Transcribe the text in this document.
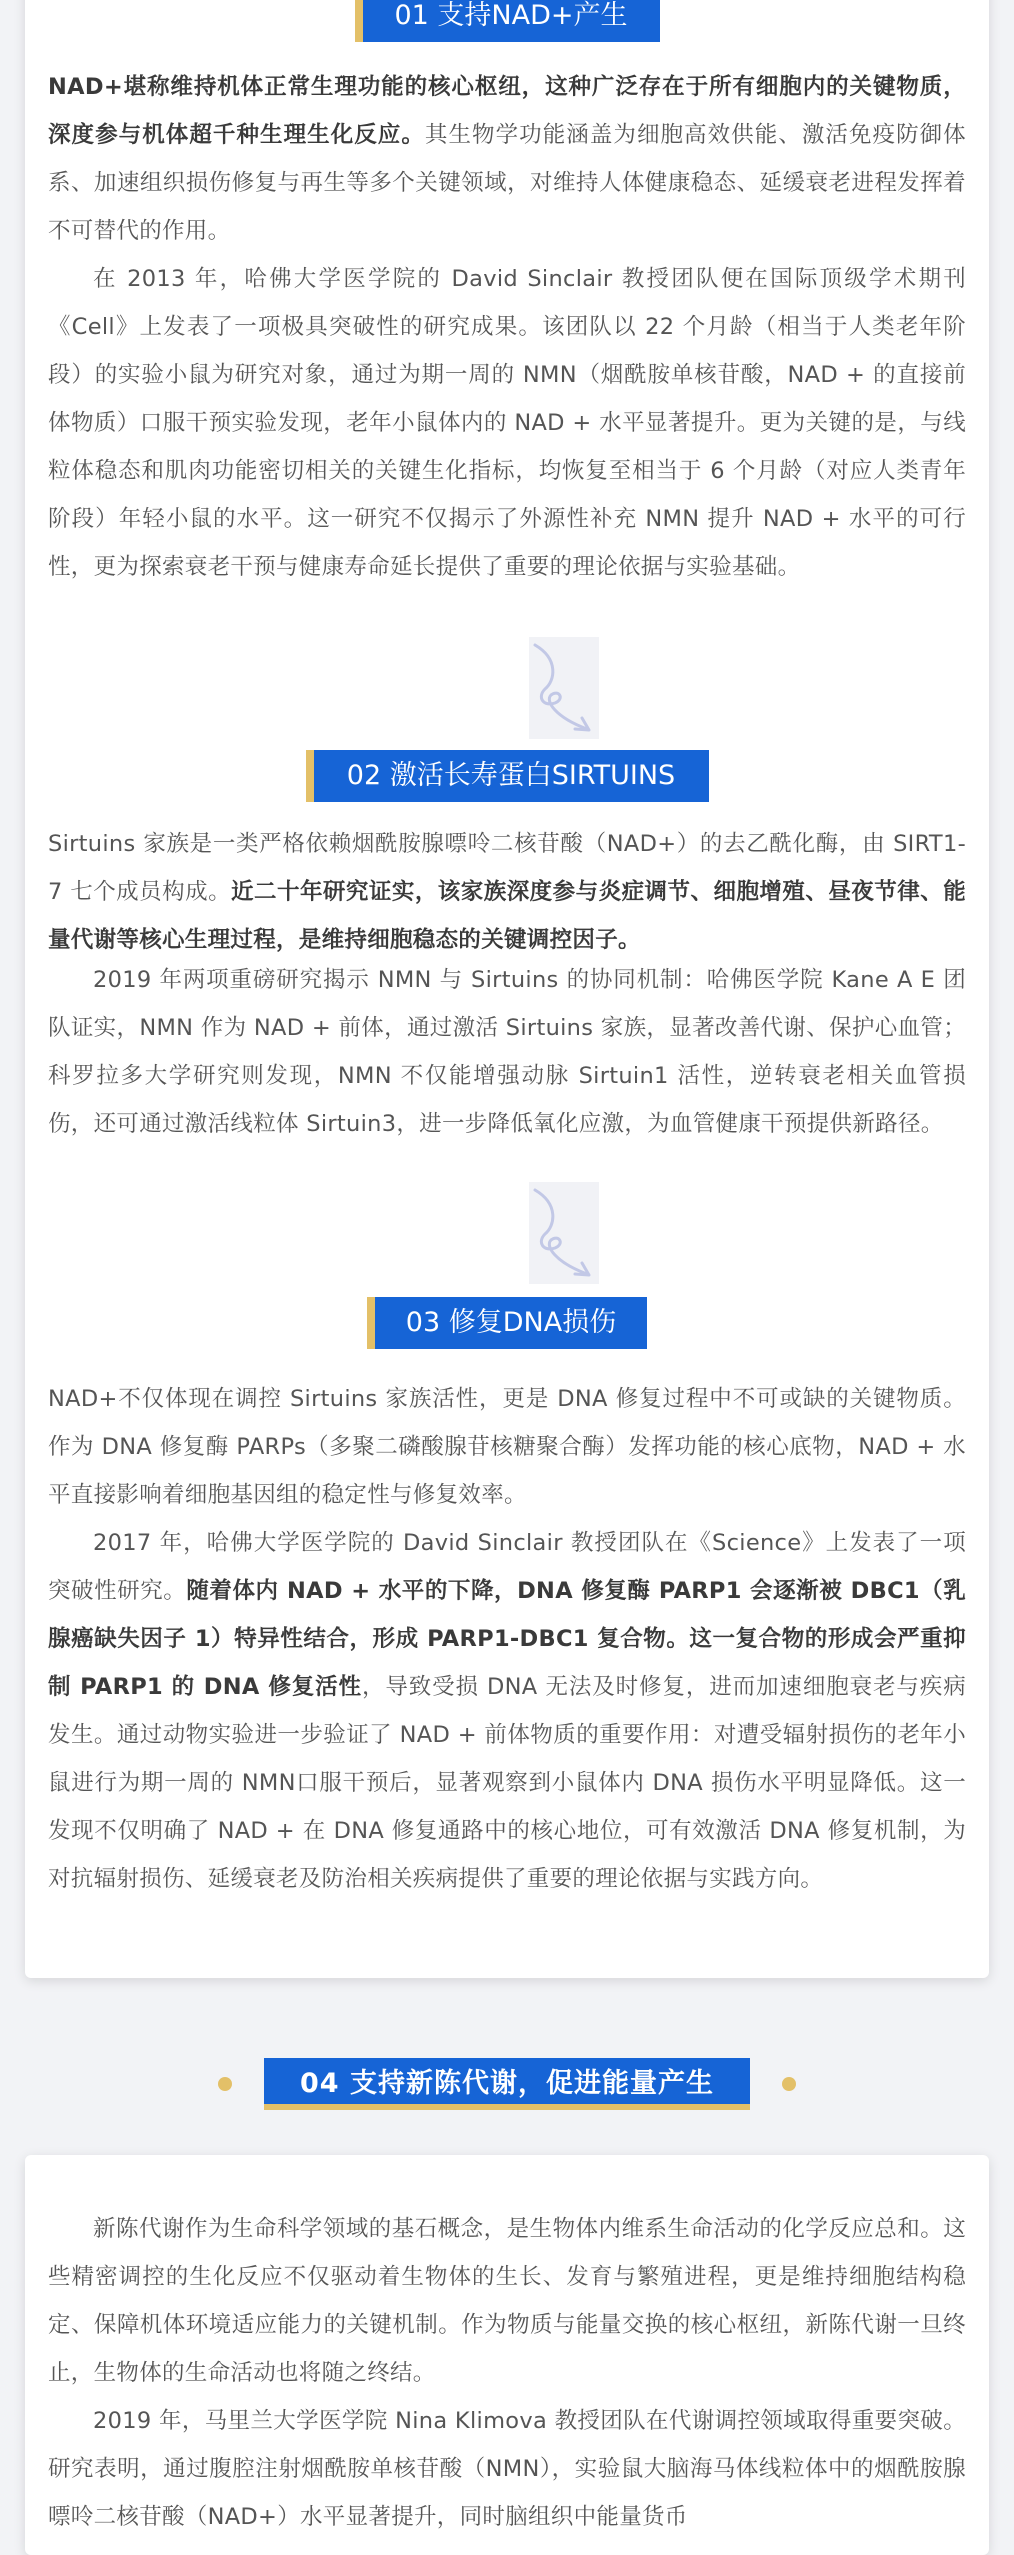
01 支持NAD+产生

NAD+堪称维持机体正常生理功能的核心枢纽，这种广泛存在于所有细胞内的关键物质，深度参与机体超千种生理生化反应。其生物学功能涵盖为细胞高效供能、激活免疫防御体系、加速组织损伤修复与再生等多个关键领域，对维持人体健康稳态、延缓衰老进程发挥着不可替代的作用。

在 2013 年，哈佛大学医学院的 David Sinclair 教授团队便在国际顶级学术期刊《Cell》上发表了一项极具突破性的研究成果。该团队以 22 个月龄（相当于人类老年阶段）的实验小鼠为研究对象，通过为期一周的 NMN（烟酰胺单核苷酸，NAD + 的直接前体物质）口服干预实验发现，老年小鼠体内的 NAD + 水平显著提升。更为关键的是，与线粒体稳态和肌肉功能密切相关的关键生化指标，均恢复至相当于 6 个月龄（对应人类青年阶段）年轻小鼠的水平。这一研究不仅揭示了外源性补充 NMN 提升 NAD + 水平的可行性，更为探索衰老干预与健康寿命延长提供了重要的理论依据与实验基础。

02 激活长寿蛋白SIRTUINS

Sirtuins 家族是一类严格依赖烟酰胺腺嘌呤二核苷酸（NAD+）的去乙酰化酶，由 SIRT1-7 七个成员构成。近二十年研究证实，该家族深度参与炎症调节、细胞增殖、昼夜节律、能量代谢等核心生理过程，是维持细胞稳态的关键调控因子。

2019 年两项重磅研究揭示 NMN 与 Sirtuins 的协同机制：哈佛医学院 Kane A E 团队证实，NMN 作为 NAD + 前体，通过激活 Sirtuins 家族，显著改善代谢、保护心血管；科罗拉多大学研究则发现，NMN 不仅能增强动脉 Sirtuin1 活性，逆转衰老相关血管损伤，还可通过激活线粒体 Sirtuin3，进一步降低氧化应激，为血管健康干预提供新路径。

03 修复DNA损伤

NAD+不仅体现在调控 Sirtuins 家族活性，更是 DNA 修复过程中不可或缺的关键物质。作为 DNA 修复酶 PARPs（多聚二磷酸腺苷核糖聚合酶）发挥功能的核心底物，NAD + 水平直接影响着细胞基因组的稳定性与修复效率。

2017 年，哈佛大学医学院的 David Sinclair 教授团队在《Science》上发表了一项突破性研究。随着体内 NAD + 水平的下降，DNA 修复酶 PARP1 会逐渐被 DBC1（乳腺癌缺失因子 1）特异性结合，形成 PARP1-DBC1 复合物。这一复合物的形成会严重抑制 PARP1 的 DNA 修复活性，导致受损 DNA 无法及时修复，进而加速细胞衰老与疾病发生。通过动物实验进一步验证了 NAD + 前体物质的重要作用：对遭受辐射损伤的老年小鼠进行为期一周的 NMN口服干预后，显著观察到小鼠体内 DNA 损伤水平明显降低。这一发现不仅明确了 NAD + 在 DNA 修复通路中的核心地位，可有效激活 DNA 修复机制，为对抗辐射损伤、延缓衰老及防治相关疾病提供了重要的理论依据与实践方向。

04 支持新陈代谢，促进能量产生

新陈代谢作为生命科学领域的基石概念，是生物体内维系生命活动的化学反应总和。这些精密调控的生化反应不仅驱动着生物体的生长、发育与繁殖进程，更是维持细胞结构稳定、保障机体环境适应能力的关键机制。作为物质与能量交换的核心枢纽，新陈代谢一旦终止，生物体的生命活动也将随之终结。

2019 年，马里兰大学医学院 Nina Klimova 教授团队在代谢调控领域取得重要突破。研究表明，通过腹腔注射烟酰胺单核苷酸（NMN），实验鼠大脑海马体线粒体中的烟酰胺腺嘌呤二核苷酸（NAD+）水平显著提升，同时脑组织中能量货币
